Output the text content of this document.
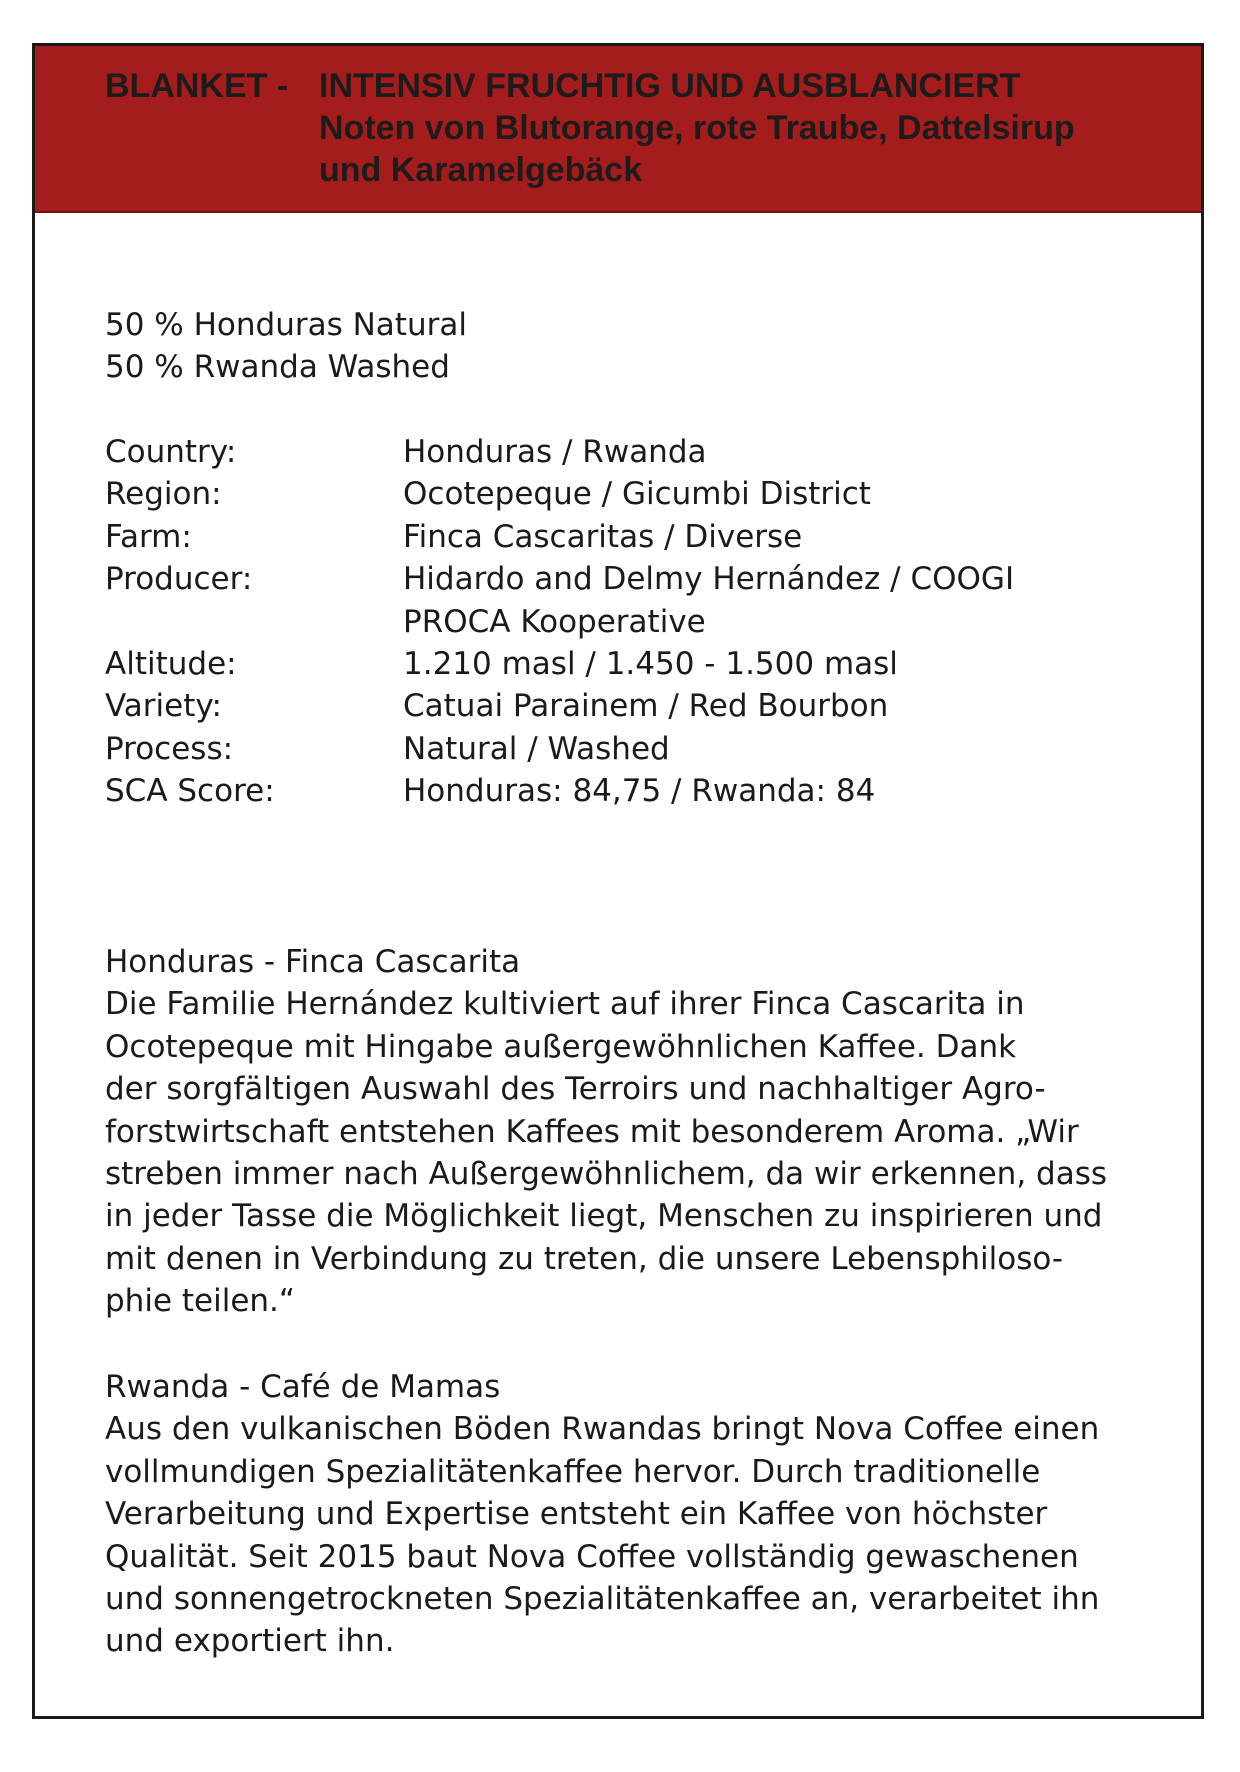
BLANKET - INTENSIV FRUCHTIG UND AUSBLANCIERT
Noten von Blutorange, rote Traube, Dattelsirup
und Karamelgebäck
50 % Honduras Natural
50 % Rwanda Washed
Country:	Honduras / Rwanda
Region:	Ocotepeque / Gicumbi District
Farm:	Finca Cascaritas / Diverse
Producer:	Hidardo and Delmy Hernández / COOGI
PROCA Kooperative
Altitude:	1.210 masl / 1.450 - 1.500 masl
Variety:	Catuai Parainem / Red Bourbon
Process:	Natural / Washed
SCA Score:	Honduras: 84,75 / Rwanda: 84
Honduras - Finca Cascarita
Die Familie Hernández kultiviert auf ihrer Finca Cascarita in
Ocotepeque mit Hingabe außergewöhnlichen Kaffee. Dank
der sorgfältigen Auswahl des Terroirs und nachhaltiger Agro-
forstwirtschaft entstehen Kaffees mit besonderem Aroma. „Wir
streben immer nach Außergewöhnlichem, da wir erkennen, dass
in jeder Tasse die Möglichkeit liegt, Menschen zu inspirieren und
mit denen in Verbindung zu treten, die unsere Lebensphiloso-
phie teilen.“
Rwanda - Café de Mamas
Aus den vulkanischen Böden Rwandas bringt Nova Coffee einen
vollmundigen Spezialitätenkaffee hervor. Durch traditionelle
Verarbeitung und Expertise entsteht ein Kaffee von höchster
Qualität. Seit 2015 baut Nova Coffee vollständig gewaschenen
und sonnengetrockneten Spezialitätenkaffee an, verarbeitet ihn
und exportiert ihn.
